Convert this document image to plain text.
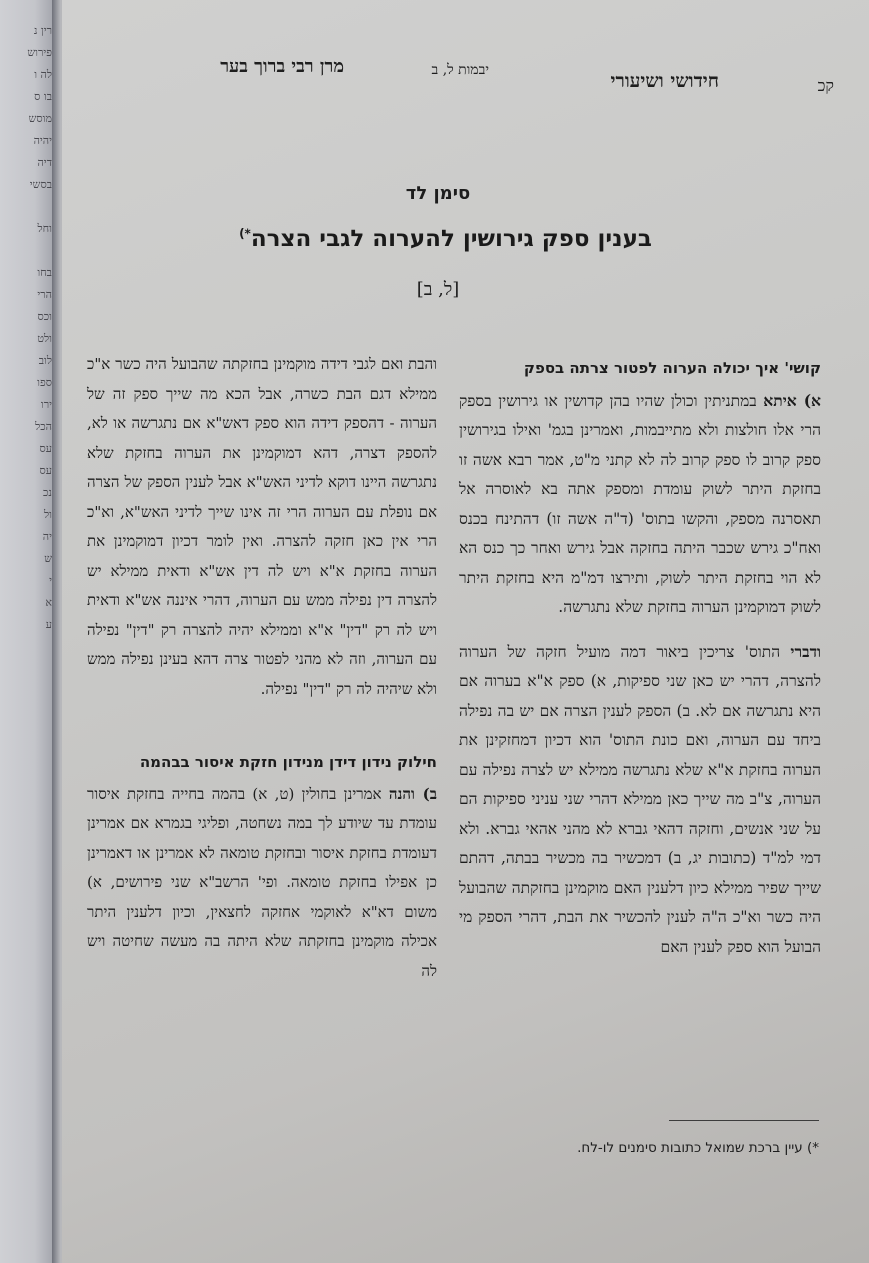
רין נ
פירוש
לה ו
בו ס
מוסש
יהיה
דיה
בסשי
וחל
בחו
הרי
וכס
ולט
לוב
ספו
ירו
הכל
עס
עס
נכ
ול
יה
ש
י
א
ע
קכ
חידושי ושיעורי
יבמות ל, ב
מרן רבי ברוך בער
סימן לד
בענין ספק גירושין להערוה לגבי הצרה*)
[ל, ב]
קושי' איך יכולה הערוה לפטור צרתה בספק

א) איתא במתניתין וכולן שהיו בהן קדושין או גירושין בספק הרי אלו חולצות ולא מתייבמות, ואמרינן בגמ' ואילו בגירושין ספק קרוב לו ספק קרוב לה לא קתני מ"ט, אמר רבא אשה זו בחזקת היתר לשוק עומדת ומספק אתה בא לאוסרה אל תאסרנה מספק, והקשו בתוס' (ד"ה אשה זו) דהתינח בכנס ואח"כ גירש שכבר היתה בחזקה אבל גירש ואחר כך כנס הא לא הוי בחזקת היתר לשוק, ותירצו דמ"מ היא בחזקת היתר לשוק דמוקמינן הערוה בחזקת שלא נתגרשה.

ודברי התוס' צריכין ביאור דמה מועיל חזקה של הערוה להצרה, דהרי יש כאן שני ספיקות, א) ספק א"א בערוה אם היא נתגרשה אם לא. ב) הספק לענין הצרה אם יש בה נפילה ביחד עם הערוה, ואם כונת התוס' הוא דכיון דמחזקינן את הערוה בחזקת א"א שלא נתגרשה ממילא יש לצרה נפילה עם הערוה, צ"ב מה שייך כאן ממילא דהרי שני עניני ספיקות הם על שני אנשים, וחזקה דהאי גברא לא מהני אהאי גברא. ולא דמי למ"ד (כתובות יג, ב) דמכשיר בה מכשיר בבתה, דהתם שייך שפיר ממילא כיון דלענין האם מוקמינן בחזקתה שהבועל היה כשר וא"כ ה"ה לענין להכשיר את הבת, דהרי הספק מי הבועל הוא ספק לענין האם

והבת ואם לגבי דידה מוקמינן בחזקתה שהבועל היה כשר א"כ ממילא דגם הבת כשרה, אבל הכא מה שייך ספק זה של הערוה - דהספק דידה הוא ספק דאש"א אם נתגרשה או לא, להספק דצרה, דהא דמוקמינן את הערוה בחזקת שלא נתגרשה היינו דוקא לדיני האש"א אבל לענין הספק של הצרה אם נופלת עם הערוה הרי זה אינו שייך לדיני האש"א, וא"כ הרי אין כאן חזקה להצרה. ואין לומר דכיון דמוקמינן את הערוה בחזקת א"א ויש לה דין אש"א ודאית ממילא יש להצרה דין נפילה ממש עם הערוה, דהרי איננה אש"א ודאית ויש לה רק "דין" א"א וממילא יהיה להצרה רק "דין" נפילה עם הערוה, וזה לא מהני לפטור צרה דהא בעינן נפילה ממש ולא שיהיה לה רק "דין" נפילה.

חילוק נידון דידן מנידון חזקת איסור בבהמה

ב) והנה אמרינן בחולין (ט, א) בהמה בחייה בחזקת איסור עומדת עד שיודע לך במה נשחטה, ופליגי בגמרא אם אמרינן דעומדת בחזקת איסור ובחזקת טומאה לא אמרינן או דאמרינן כן אפילו בחזקת טומאה. ופי' הרשב"א שני פירושים, א) משום דא"א לאוקמי אחזקה לחצאין, וכיון דלענין היתר אכילה מוקמינן בחזקתה שלא היתה בה מעשה שחיטה ויש לה

*) עיין ברכת שמואל כתובות סימנים לו-לח.
